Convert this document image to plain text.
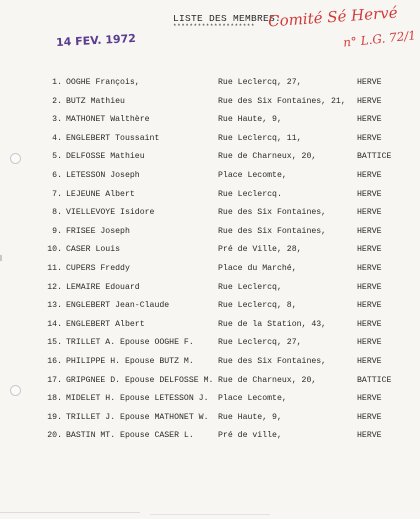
LISTE DES MEMBRES.
********************
14 FEV. 1972
Comité Sé Hervé
n° L.G. 72/1
1. OOGHE François,	Rue Leclercq, 27,	HERVE
2. BUTZ Mathieu	Rue des Six Fontaines, 21, HERVE
3. MATHONET Walthère	Rue Haute, 9,	HERVE
4. ENGLEBERT Toussaint	Rue Leclercq, 11,	HERVE
5. DELFOSSE Mathieu	Rue de Charneux, 20,	BATTICE
6. LETESSON Joseph	Place Lecomte,	HERVE
7. LEJEUNE Albert	Rue Leclercq.	HERVE
8. VIELLEVOYE Isidore	Rue des Six Fontaines,	HERVE
9. FRISEE Joseph	Rue des Six Fontaines,	HERVE
10. CASER Louis	Pré de Ville, 28,	HERVE
11. CUPERS Freddy	Place du Marché,	HERVE
12. LEMAIRE Edouard	Rue Leclercq,	HERVE
13. ENGLEBERT Jean-Claude	Rue Leclercq, 8,	HERVE
14. ENGLEBERT Albert	Rue de la Station, 43,	HERVE
15. TRILLET A. Epouse OOGHE F.	Rue Leclercq, 27,	HERVE
16. PHILIPPE H. Epouse BUTZ M.	Rue des Six Fontaines,	HERVE
17. GRIPGNEE D. Epouse DELFOSSE M. Rue de Charneux, 20,	BATTICE
18. MIDELET H. Epouse LETESSON J. Place Lecomte,	HERVE
19. TRILLET J. Epouse MATHONET W. Rue Haute, 9,	HERVE
20. BASTIN MT. Epouse CASER L.	Pré de ville,	HERVE
